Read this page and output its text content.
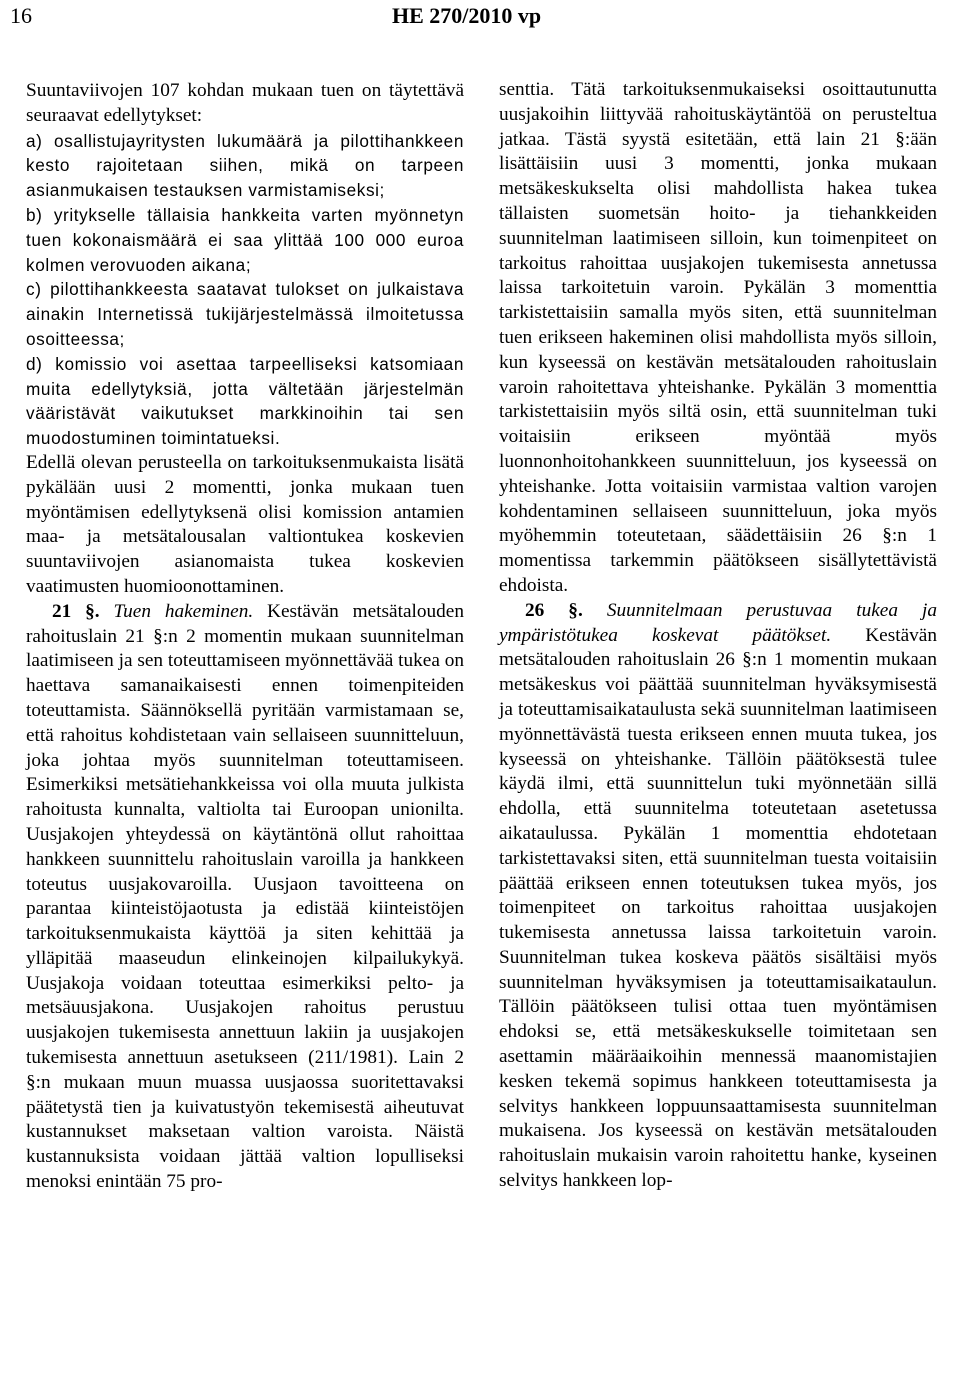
16	HE 270/2010 vp

Suuntaviivojen 107 kohdan mukaan tuen on täytettävä seuraavat edellytykset:

a) osallistujayritysten lukumäärä ja pilottihankkeen kesto rajoitetaan siihen, mikä on tarpeen asianmukaisen testauksen varmistamiseksi;
b) yritykselle tällaisia hankkeita varten myönnetyn tuen kokonaismäärä ei saa ylittää 100 000 euroa kolmen verovuoden aikana;
c) pilottihankkeesta saatavat tulokset on julkaistava ainakin Internetissä tukijärjestelmässä ilmoitetussa osoitteessa;
d) komissio voi asettaa tarpeelliseksi katsomiaan muita edellytyksiä, jotta vältetään järjestelmän vääristävät vaikutukset markkinoihin tai sen muodostuminen toimintatueksi.

Edellä olevan perusteella on tarkoituksenmukaista lisätä pykälään uusi 2 momentti, jonka mukaan tuen myöntämisen edellytyksenä olisi komission antamien maa- ja metsätalousalan valtiontukea koskevien suuntaviivojen asianomaista tukea koskevien vaatimusten huomioonottaminen.

21 §. Tuen hakeminen. Kestävän metsätalouden rahoituslain 21 §:n 2 momentin mukaan suunnitelman laatimiseen ja sen toteuttamiseen myönnettävää tukea on haettava samanaikaisesti ennen toimenpiteiden toteuttamista. Säännöksellä pyritään varmistamaan se, että rahoitus kohdistetaan vain sellaiseen suunnitteluun, joka johtaa myös suunnitelman toteuttamiseen. Esimerkiksi metsätiehankkeissa voi olla muuta julkista rahoitusta kunnalta, valtiolta tai Euroopan unionilta. Uusjakojen yhteydessä on käytäntönä ollut rahoittaa hankkeen suunnittelu rahoituslain varoilla ja hankkeen toteutus uusjakovaroilla. Uusjaon tavoitteena on parantaa kiinteistöjaotusta ja edistää kiinteistöjen tarkoituksenmukaista käyttöä ja siten kehittää ja ylläpitää maaseudun elinkeinojen kilpailukykyä. Uusjakoja voidaan toteuttaa esimerkiksi pelto- ja metsäuusjakona. Uusjakojen rahoitus perustuu uusjakojen tukemisesta annettuun lakiin ja uusjakojen tukemisesta annettuun asetukseen (211/1981). Lain 2 §:n mukaan muun muassa uusjaossa suoritettavaksi päätetystä tien ja kuivatustyön tekemisestä aiheutuvat kustannukset maksetaan valtion varoista. Näistä kustannuksista voidaan jättää valtion lopulliseksi menoksi enintään 75 pro-

senttia. Tätä tarkoituksenmukaiseksi osoittautunutta uusjakoihin liittyvää rahoituskäytäntöä on perusteltua jatkaa. Tästä syystä esitetään, että lain 21 §:ään lisättäisiin uusi 3 momentti, jonka mukaan metsäkeskukselta olisi mahdollista hakea tukea tällaisten suometsän hoito- ja tiehankkeiden suunnitelman laatimiseen silloin, kun toimenpiteet on tarkoitus rahoittaa uusjakojen tukemisesta annetussa laissa tarkoitetuin varoin. Pykälän 3 momenttia tarkistettaisiin samalla myös siten, että suunnitelman tuen erikseen hakeminen olisi mahdollista myös silloin, kun kyseessä on kestävän metsätalouden rahoituslain varoin rahoitettava yhteishanke. Pykälän 3 momenttia tarkistettaisiin myös siltä osin, että suunnitelman tuki voitaisiin erikseen myöntää myös luonnonhoitohankkeen suunnitteluun, jos kyseessä on yhteishanke. Jotta voitaisiin varmistaa valtion varojen kohdentaminen sellaiseen suunnitteluun, joka myös myöhemmin toteutetaan, säädettäisiin 26 §:n 1 momentissa tarkemmin päätökseen sisällytettävistä ehdoista.

26 §. Suunnitelmaan perustuvaa tukea ja ympäristötukea koskevat päätökset. Kestävän metsätalouden rahoituslain 26 §:n 1 momentin mukaan metsäkeskus voi päättää suunnitelman hyväksymisestä ja toteuttamisaikataulusta sekä suunnitelman laatimiseen myönnettävästä tuesta erikseen ennen muuta tukea, jos kyseessä on yhteishanke. Tällöin päätöksestä tulee käydä ilmi, että suunnittelun tuki myönnetään sillä ehdolla, että suunnitelma toteutetaan asetetussa aikataulussa. Pykälän 1 momenttia ehdotetaan tarkistettavaksi siten, että suunnitelman tuesta voitaisiin päättää erikseen ennen toteutuksen tukea myös, jos toimenpiteet on tarkoitus rahoittaa uusjakojen tukemisesta annetussa laissa tarkoitetuin varoin. Suunnitelman tukea koskeva päätös sisältäisi myös suunnitelman hyväksymisen ja toteuttamisaikataulun. Tällöin päätökseen tulisi ottaa tuen myöntämisen ehdoksi se, että metsäkeskukselle toimitetaan sen asettamin määräaikoihin mennessä maanomistajien kesken tekemä sopimus hankkeen toteuttamisesta ja selvitys hankkeen loppuunsaattamisesta suunnitelman mukaisena. Jos kyseessä on kestävän metsätalouden rahoituslain mukaisin varoin rahoitettu hanke, kyseinen selvitys hankkeen lop-
